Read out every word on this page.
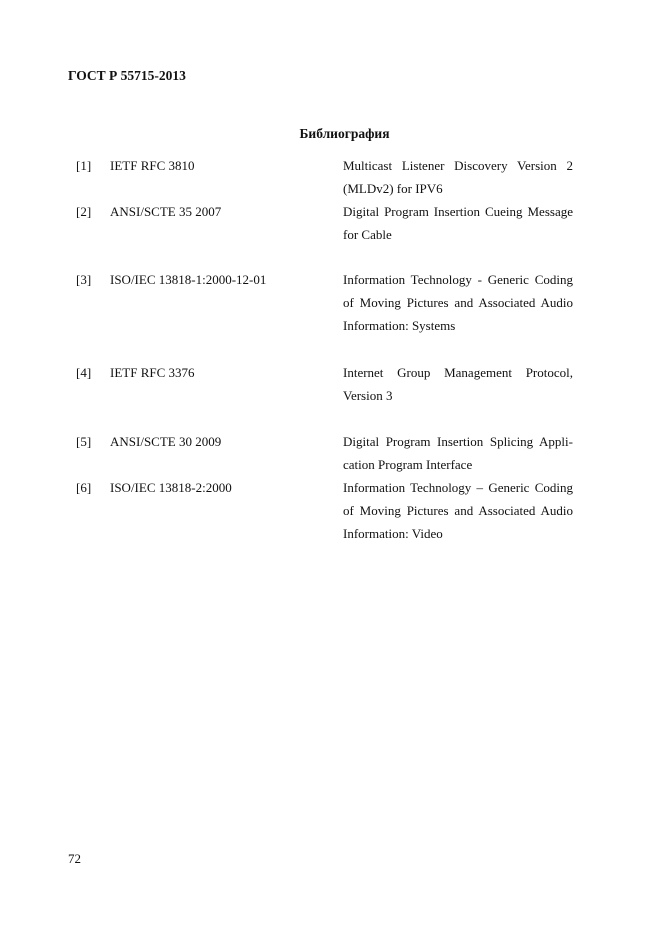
ГОСТ Р 55715-2013
Библиография
[1] IETF RFC 3810	Multicast Listener Discovery Version 2
(MLDv2) for IPV6
[2] ANSI/SCTE 35 2007	Digital Program Insertion Cueing Message
for Cable
[3] ISO/IEC 13818-1:2000-12-01	Information Technology - Generic Coding
of Moving Pictures and Associated Audio
Information: Systems
[4] IETF RFC 3376	Internet Group Management Protocol,
Version 3
[5] ANSI/SCTE 30 2009	Digital Program Insertion Splicing Appli-
cation Program Interface
[6] ISO/IEC 13818-2:2000	Information Technology – Generic Coding
of Moving Pictures and Associated Audio
Information: Video
72
